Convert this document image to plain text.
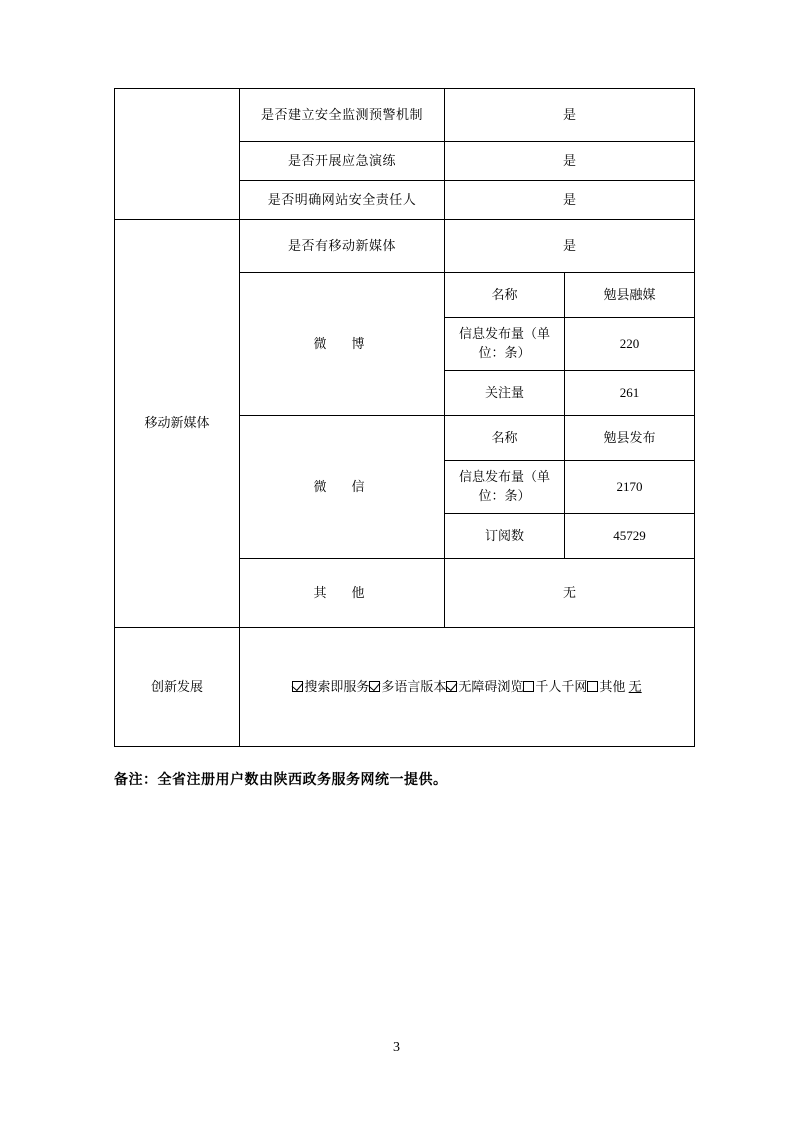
	是否建立安全监测预警机制	是	
	是否开展应急演练	是	
	是否明确网站安全责任人	是	
移动新媒体	是否有移动新媒体	是	
	微　博	名称	勉县融媒
		信息发布量（单位：条）	220
		关注量	261
	微　信	名称	勉县发布
		信息发布量（单位：条）	2170
		订阅数	45729
	其　他	无	
创新发展	搜索即服务 多语言版本 无障碍浏览 千人千网 其他 无		
备注：全省注册用户数由陕西政务服务网统一提供。
3
